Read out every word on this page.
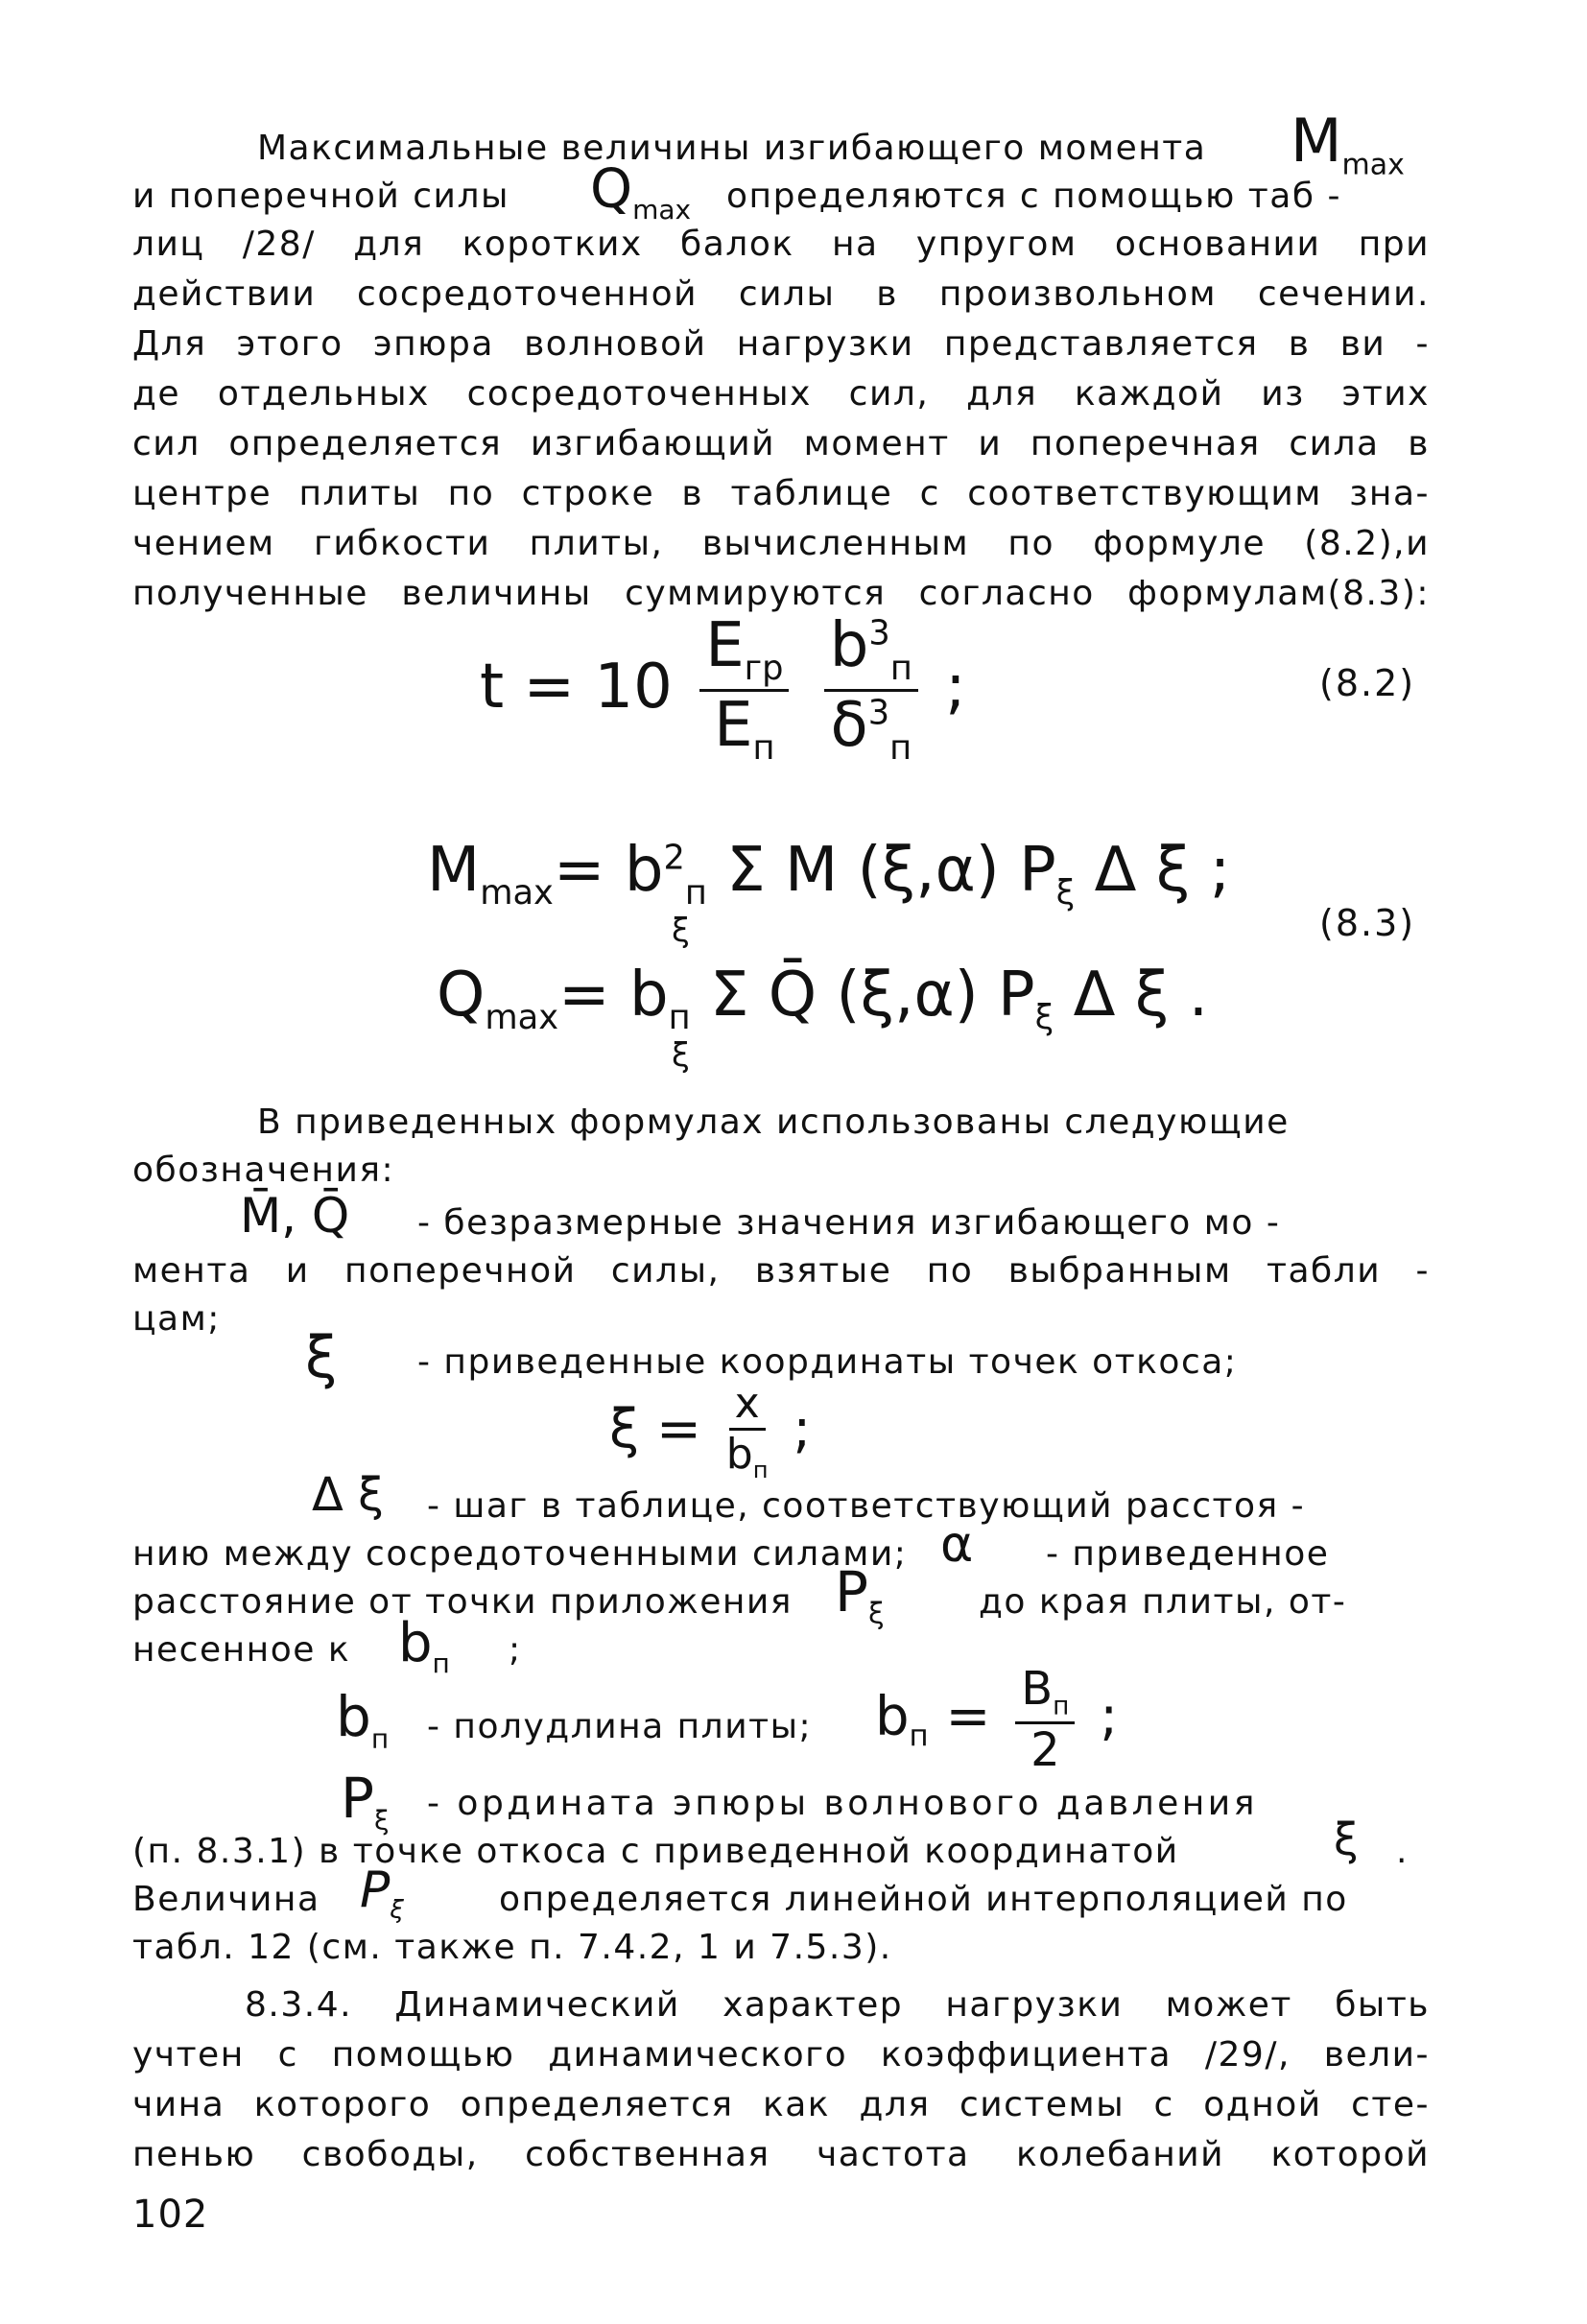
Максимальные величины изгибающего момента $M_{max}$
и поперечной силы $Q_{max}$ определяются с помощью таб -
лиц /28/ для коротких балок на упругом основании при
действии сосредоточенной силы в произвольном сечении.
Для этого эпюра волновой нагрузки представляется в ви -
де отдельных сосредоточенных сил, для каждой из этих
сил определяется изгибающий момент и поперечная сила в
центре плиты по строке в таблице с соответствующим зна-
чением гибкости плиты, вычисленным по формуле (8.2),и
полученные величины суммируются согласно формулам(8.3):
$t = 10 \frac{E_{гр}}{E_п}$
$\frac{b^3_п}{\delta^3_п}$ ;	(8.2)
$M_{max}= b^2_п$ Σ M (ξ,α) $P_\xi$ Δ ξ ;
ξ
$Q_{max}= b_п$ Σ Q̄ (ξ,α) $P_\xi$ Δ ξ .
ξ
(8.3)
В приведенных формулах использованы следующие
обозначения:
M̄, Q̄ - безразмерные значения изгибающего мо -
мента и поперечной силы, взятые по выбранным табли -
цам;
ξ - приведенные координаты точек откоса;
$\xi = \frac{x}{b_п}$ ;
Δ ξ - шаг в таблице, соответствующий расстоя -
нию между сосредоточенными силами; α - приведенное
расстояние от точки приложения $P_\xi$	до края плиты, от-
несенное к $b_п$ ;
$b_п$ - полудлина плиты; $b_п = \frac{B_п}{2}$ ;
$P_\xi$ - ордината эпюры волнового давления
(п. 8.3.1) в точке откоса с приведенной координатой	ξ .
Величина $P_\xi$	определяется линейной интерполяцией по
табл. 12 (см. также п. 7.4.2, 1 и 7.5.3).
8.3.4. Динамический характер нагрузки может быть
учтен с помощью динамического коэффициента /29/, вели-
чина которого определяется как для системы с одной сте-
пенью свободы, собственная частота колебаний которой
102
